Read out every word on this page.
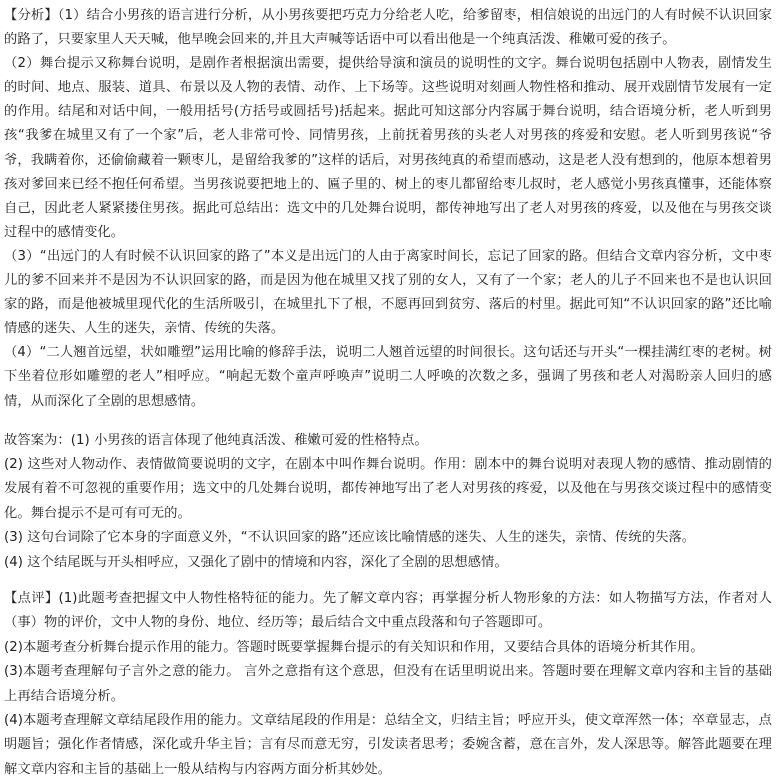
【分析】（1）结合小男孩的语言进行分析，从小男孩要把巧克力分给老人吃，给爹留枣，相信娘说的出远门的人有时候不认识回家的路了，只要家里人天天喊，他早晚会回来的,并且大声喊等话语中可以看出他是一个纯真活泼、稚嫩可爱的孩子。

（2）舞台提示又称舞台说明，是剧作者根据演出需要，提供给导演和演员的说明性的文字。舞台说明包括剧中人物表，剧情发生的时间、地点、服装、道具、布景以及人物的表情、动作、上下场等。这些说明对刻画人物性格和推动、展开戏剧情节发展有一定的作用。结尾和对话中间，一般用括号(方括号或圆括号)括起来。据此可知这部分内容属于舞台说明，结合语境分析，老人听到男孩“我爹在城里又有了一个家”后，老人非常可怜、同情男孩，上前抚着男孩的头老人对男孩的疼爱和安慰。老人听到男孩说“爷爷，我瞒着你，还偷偷藏着一颗枣儿，是留给我爹的”这样的话后，对男孩纯真的希望而感动，这是老人没有想到的，他原本想着男孩对爹回来已经不抱任何希望。当男孩说要把地上的、匾子里的、树上的枣儿都留给枣儿叔时，老人感觉小男孩真懂事，还能体察自己，因此老人紧紧搂住男孩。据此可总结出：选文中的几处舞台说明，都传神地写出了老人对男孩的疼爱，以及他在与男孩交谈过程中的感情变化。

（3）“出远门的人有时候不认识回家的路了”本义是出远门的人由于离家时间长，忘记了回家的路。但结合文章内容分析，文中枣儿的爹不回来并不是因为不认识回家的路，而是因为他在城里又找了别的女人，又有了一个家；老人的儿子不回来也不是也认识回家的路，而是他被城里现代化的生活所吸引，在城里扎下了根，不愿再回到贫穷、落后的村里。据此可知“不认识回家的路”还比喻情感的迷失、人生的迷失，亲情、传统的失落。

（4）“二人翘首远望，状如雕塑”运用比喻的修辞手法，说明二人翘首远望的时间很长。这句话还与开头“一棵挂满红枣的老树。树下坐着位形如雕塑的老人”相呼应。“响起无数个童声呼唤声”说明二人呼唤的次数之多，强调了男孩和老人对渴盼亲人回归的感情，从而深化了全剧的思想感情。

故答案为：(1) 小男孩的语言体现了他纯真活泼、稚嫩可爱的性格特点。

(2) 这些对人物动作、表情做简要说明的文字，在剧本中叫作舞台说明。作用：剧本中的舞台说明对表现人物的感情、推动剧情的发展有着不可忽视的重要作用；选文中的几处舞台说明，都传神地写出了老人对男孩的疼爱，以及他在与男孩交谈过程中的感情变化。舞台提示不是可有可无的。

(3) 这句台词除了它本身的字面意义外，“不认识回家的路”还应该比喻情感的迷失、人生的迷失，亲情、传统的失落。

(4) 这个结尾既与开头相呼应，又强化了剧中的情境和内容，深化了全剧的思想感情。

【点评】(1)此题考查把握文中人物性格特征的能力。先了解文章内容；再掌握分析人物形象的方法：如人物描写方法，作者对人（事）物的评价，文中人物的身份、地位、经历等；最后结合文中重点段落和句子答题即可。

(2)本题考查分析舞台提示作用的能力。答题时既要掌握舞台提示的有关知识和作用，又要结合具体的语境分析其作用。

(3)本题考查理解句子言外之意的能力。 言外之意指有这个意思，但没有在话里明说出来。答题时要在理解文章内容和主旨的基础上再结合语境分析。

(4)本题考查理解文章结尾段作用的能力。文章结尾段的作用是：总结全文，归结主旨；呼应开头，使文章浑然一体；卒章显志，点明题旨；强化作者情感，深化或升华主旨；言有尽而意无穷，引发读者思考；委婉含蓄，意在言外，发人深思等。解答此题要在理解文章内容和主旨的基础上一般从结构与内容两方面分析其妙处。
